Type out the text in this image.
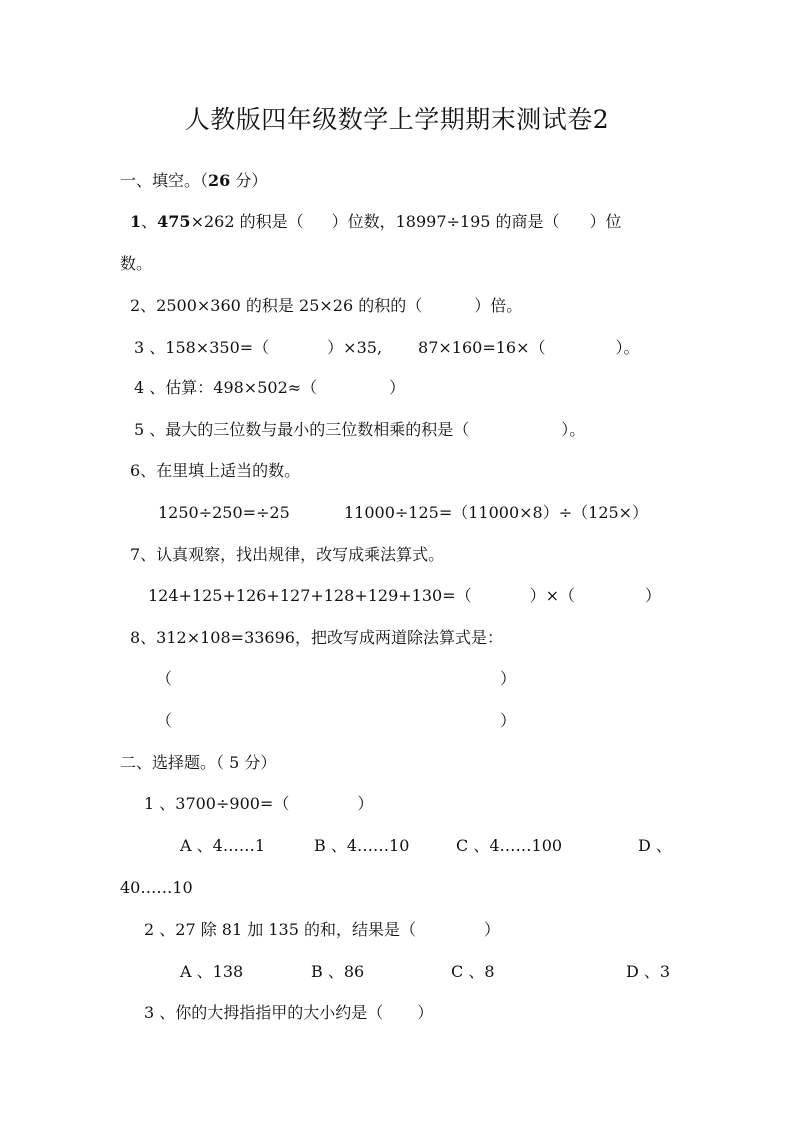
人教版四年级数学上学期期末测试卷2
一、填空。（26 分）
1、475×262 的积是（ ）位数，18997÷195 的商是（ ）位
数。
2、2500×360 的积是 25×26 的积的（	）倍。
3 、158×350=（	）×35, 87×160=16×（	）。
4 、估算：498×502≈（	）
5 、最大的三位数与最小的三位数相乘的积是（	）。
6、在里填上适当的数。
1250÷250=÷25	11000÷125=（11000×8）÷（125×）
7、认真观察，找出规律，改写成乘法算式。
124+125+126+127+128+129+130=（	）×（	）
8、312×108=33696，把改写成两道除法算式是：
（	）
（	）
二、选择题。（ 5 分）
1 、3700÷900=（	）
A 、4……1	B 、4……10	C 、4……100	D 、
40……10
2 、27 除 81 加 135 的和，结果是（	）
A 、138	B 、86	C 、8	D 、3
3 、你的大拇指指甲的大小约是（ ）
